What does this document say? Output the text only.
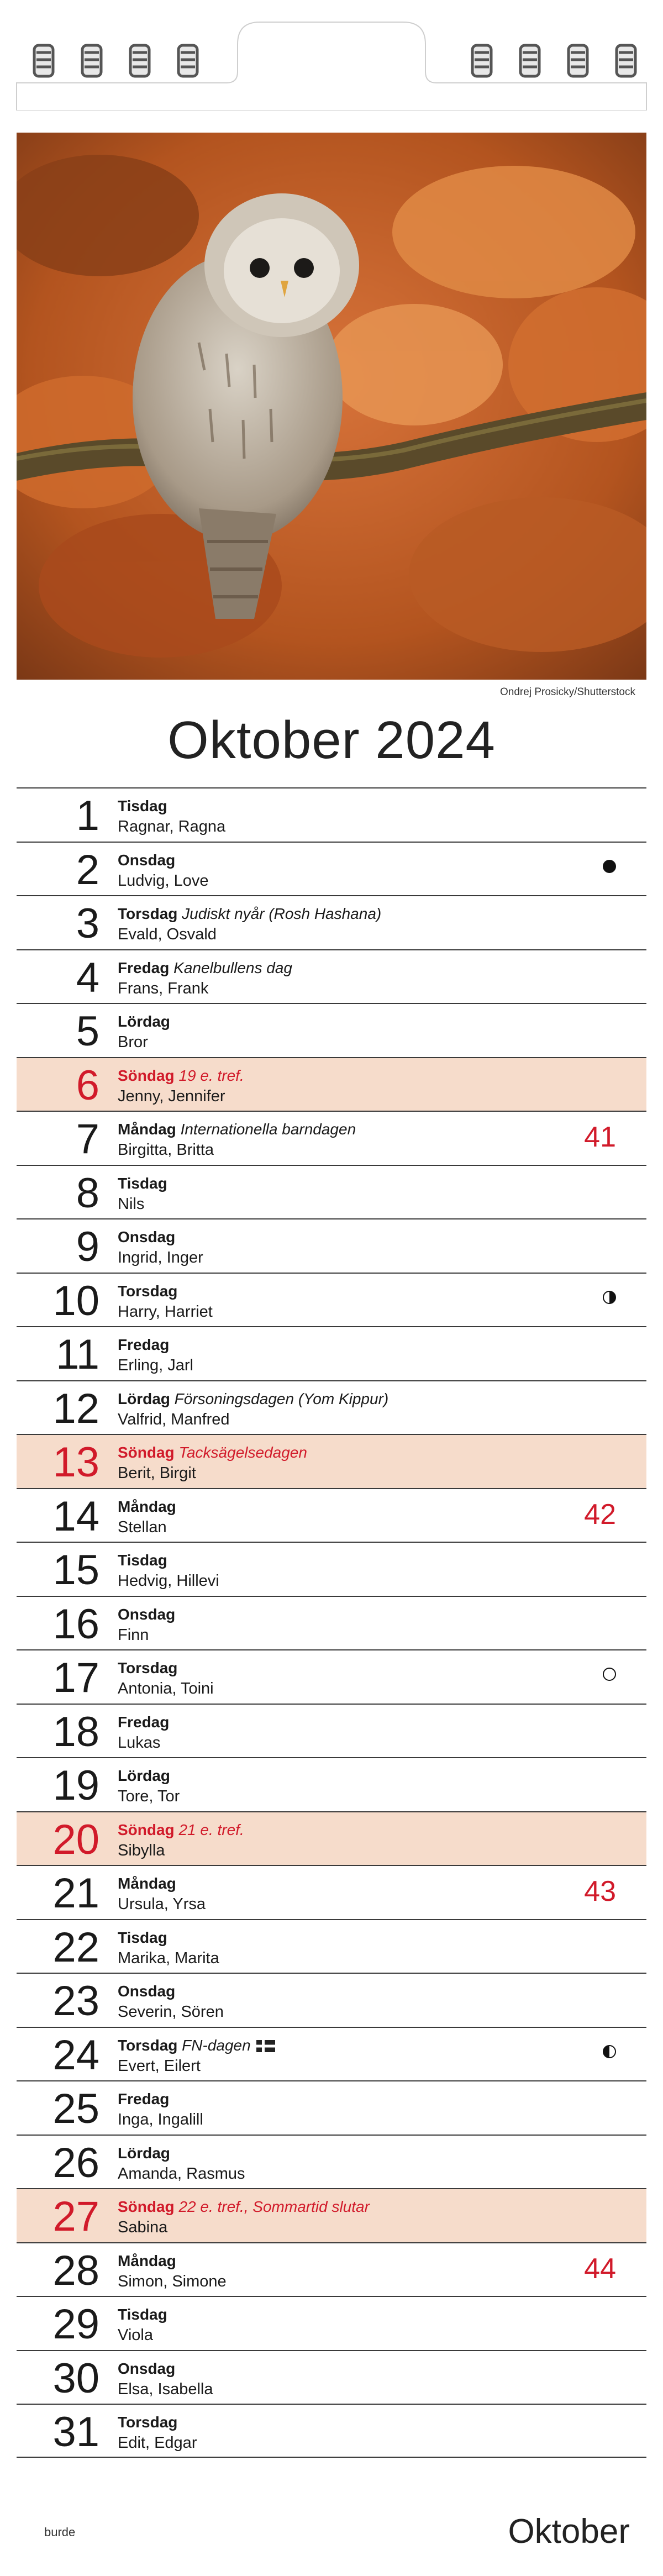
Ondrej Prosicky/Shutterstock
Oktober 2024
1 Tisdag
Ragnar, Ragna
2 Onsdag
Ludvig, Love
3 Torsdag Judiskt nyår (Rosh Hashana)
Evald, Osvald
4 Fredag Kanelbullens dag
Frans, Frank
5 Lördag
Bror
6 Söndag 19 e. tref.
Jenny, Jennifer
7 Måndag Internationella barndagen
Birgitta, Britta	41
8 Tisdag
Nils
9 Onsdag
Ingrid, Inger
10 Torsdag
Harry, Harriet
11 Fredag
Erling, Jarl
12 Lördag Försoningsdagen (Yom Kippur)
Valfrid, Manfred
13 Söndag Tacksägelsedagen
Berit, Birgit
14 Måndag
Stellan	42
15 Tisdag
Hedvig, Hillevi
16 Onsdag
Finn
17 Torsdag
Antonia, Toini
18 Fredag
Lukas
19 Lördag
Tore, Tor
20 Söndag 21 e. tref.
Sibylla
21 Måndag
Ursula, Yrsa	43
22 Tisdag
Marika, Marita
23 Onsdag
Severin, Sören
24 Torsdag FN-dagen
Evert, Eilert
25 Fredag
Inga, Ingalill
26 Lördag
Amanda, Rasmus
27 Söndag 22 e. tref., Sommartid slutar
Sabina
28 Måndag
Simon, Simone	44
29 Tisdag
Viola
30 Onsdag
Elsa, Isabella
31 Torsdag
Edit, Edgar
burde	Oktober
